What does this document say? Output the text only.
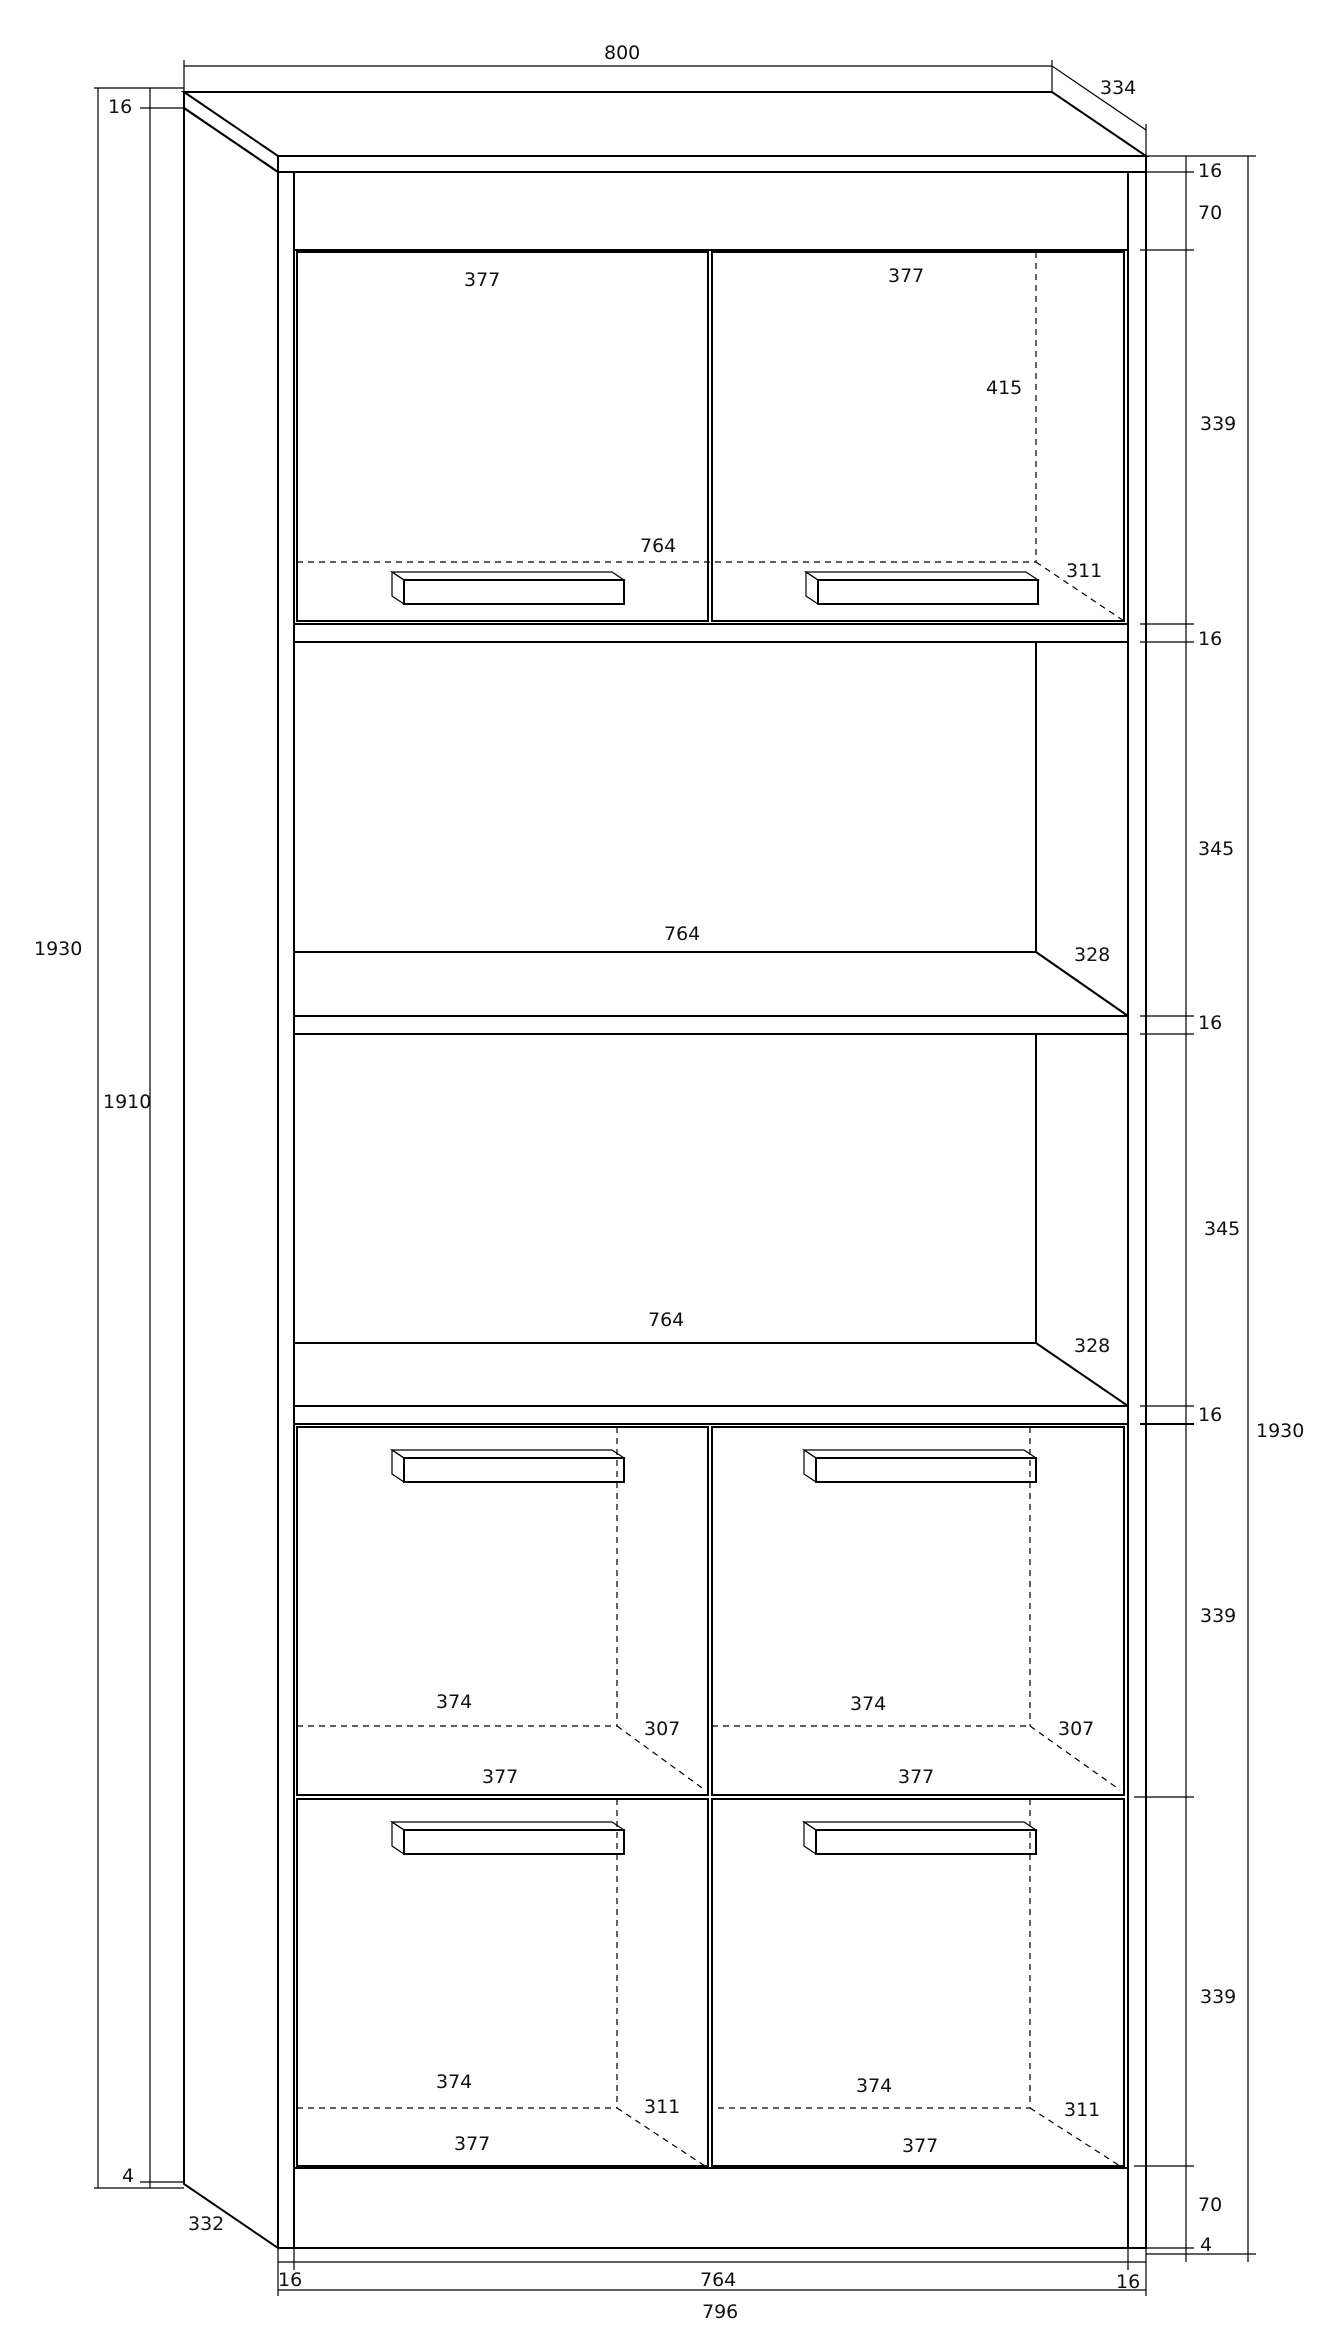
800
334
16
1930
1910
4
332
16	764	16
796
1930
16
70
339
16
345
16
345
16
339
339
70
4
377	377
415
764
311
764
328
764
328
374
307
377
374
307
377
374
311
377
374
311
377
